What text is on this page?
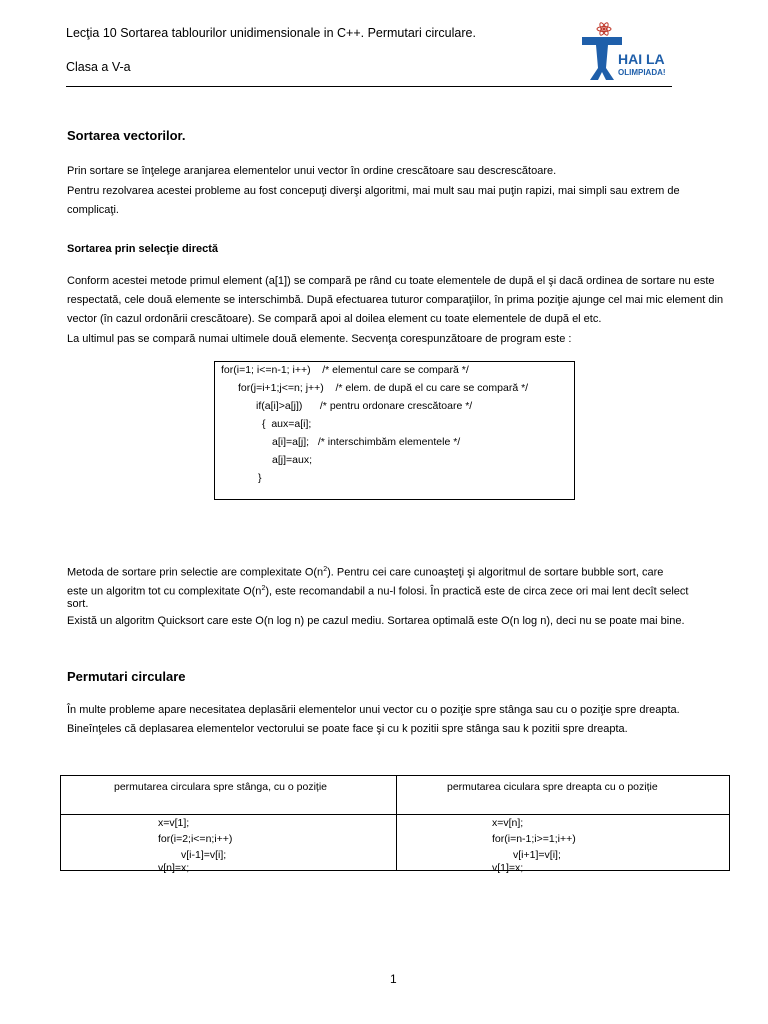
Lecţia 10 Sortarea tablourilor unidimensionale in C++. Permutari circulare.
Clasa a V-a	HAI LA
OLIMPIADA!
Sortarea vectorilor.
Prin sortare se înţelege aranjarea elementelor unui vector în ordine crescătoare sau descrescătoare.
Pentru rezolvarea acestei probleme au fost concepuţi diverşi algoritmi, mai mult sau mai puţin rapizi, mai simpli sau extrem de complicaţi.
Sortarea prin selecţie directă
Conform acestei metode primul element (a[1]) se compară pe rând cu toate elementele de după el şi dacă ordinea de sortare nu este respectată, cele două elemente se interschimbă. După efectuarea tuturor comparaţiilor, în prima poziţie ajunge cel mai mic element din vector (în cazul ordonării crescătoare). Se compară apoi al doilea element cu toate elementele de după el etc.
La ultimul pas se compară numai ultimele două elemente. Secvenţa corespunzătoare de program este :
for(i=1; i<=n-1; i++)    /* elementul care se compară */
for(j=i+1;j<=n; j++)    /* elem. de după el cu care se compară */
if(a[i]>a[j])      /* pentru ordonare crescătoare */
{  aux=a[i];
a[i]=a[j];   /* interschimbăm elementele */
a[j]=aux;
}
Metoda de sortare prin selectie are complexitate $O(n^2)$. Pentru cei care cunoaşteţi şi algoritmul de sortare bubble sort, care
este un algoritm tot cu complexitate $O(n^2)$, este recomandabil a nu-l folosi. În practică este de circa zece ori mai lent decît select
sort.
Există un algoritm Quicksort care este O(n log n) pe cazul mediu. Sortarea optimală este O(n log n), deci nu se poate mai bine.
Permutari circulare
În multe probleme apare necesitatea deplasării elementelor unui vector cu o poziţie spre stânga sau cu o poziţie spre dreapta.
Bineînţeles că deplasarea elementelor vectorului se poate face şi cu k pozitii spre stânga sau k pozitii spre dreapta.
permutarea circulara spre stânga, cu o poziție	permutarea ciculara spre dreapta cu o poziție
x=v[1];
for(i=2;i<=n;i++)
v[i-1]=v[i];
v[n]=x;
x=v[n];
for(i=n-1;i>=1;i++)
v[i+1]=v[i];
v[1]=x;
1
